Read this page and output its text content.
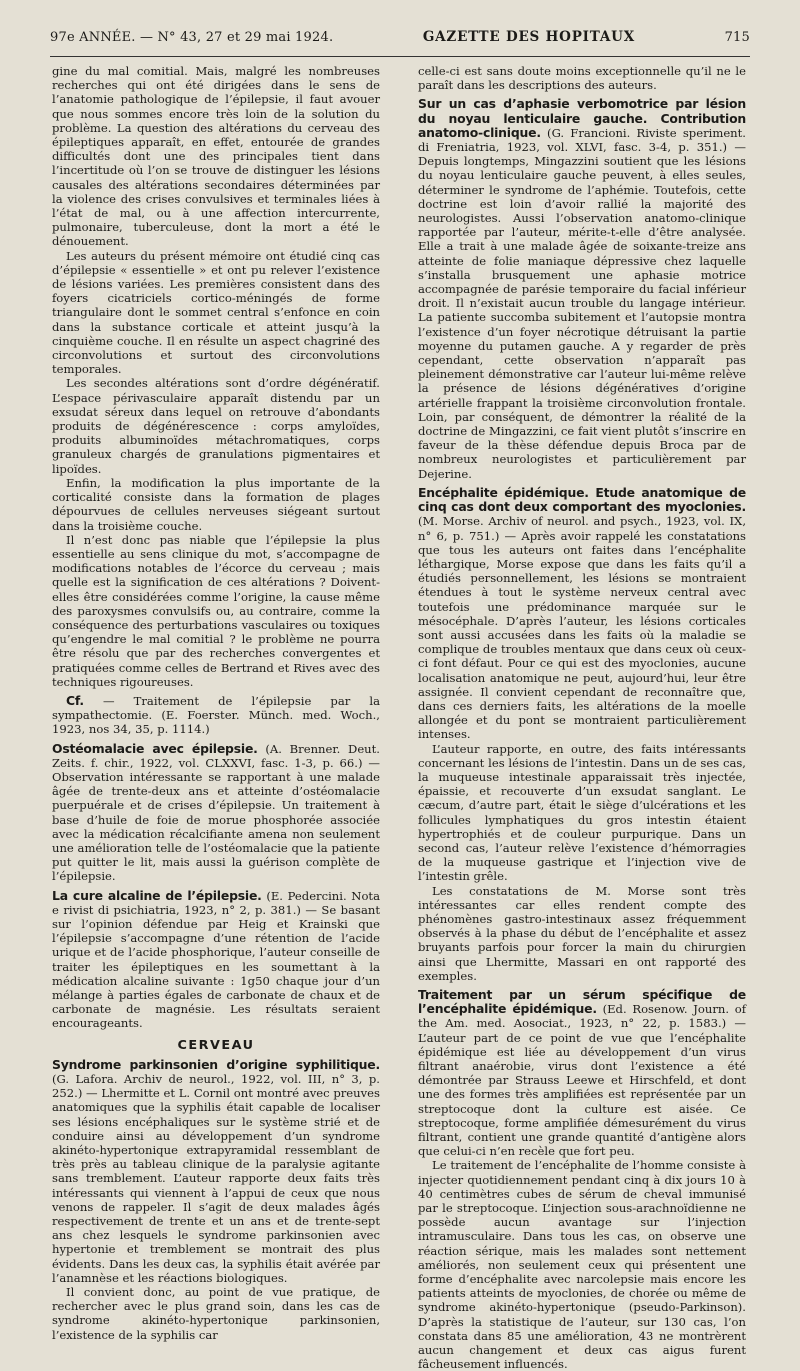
97e ANNÉE. — N° 43, 27 et 29 mai 1924.	GAZETTE DES HOPITAUX	715

gine du mal comitial. Mais, malgré les nombreuses recherches qui ont été dirigées dans le sens de l’anatomie pathologique de l’épilepsie, il faut avouer que nous sommes encore très loin de la solution du problème. La question des altérations du cerveau des épileptiques apparaît, en effet, entourée de grandes difficultés dont une des principales tient dans l’incertitude où l’on se trouve de distinguer les lésions causales des altérations secondaires déterminées par la violence des crises convulsives et terminales liées à l’état de mal, ou à une affection intercurrente, pulmonaire, tuberculeuse, dont la mort a été le dénouement.

Les auteurs du présent mémoire ont étudié cinq cas d’épilepsie « essentielle » et ont pu relever l’existence de lésions variées. Les premières consistent dans des foyers cicatriciels cortico-méningés de forme triangulaire dont le sommet central s’enfonce en coin dans la substance corticale et atteint jusqu’à la cinquième couche. Il en résulte un aspect chagriné des circonvolutions et surtout des circonvolutions temporales.

Les secondes altérations sont d’ordre dégénératif. L’espace périvasculaire apparaît distendu par un exsudat séreux dans lequel on retrouve d’abondants produits de dégénérescence : corps amyloïdes, produits albuminoïdes métachromatiques, corps granuleux chargés de granulations pigmentaires et lipoïdes.

Enfin, la modification la plus importante de la corticalité consiste dans la formation de plages dépourvues de cellules nerveuses siégeant surtout dans la troisième couche.

Il n’est donc pas niable que l’épilepsie la plus essentielle au sens clinique du mot, s’accompagne de modifications notables de l’écorce du cerveau ; mais quelle est la signification de ces altérations ? Doivent-elles être considérées comme l’origine, la cause même des paroxysmes convulsifs ou, au contraire, comme la conséquence des perturbations vasculaires ou toxiques qu’engendre le mal comitial ? le problème ne pourra être résolu que par des recherches convergentes et pratiquées comme celles de Bertrand et Rives avec des techniques rigoureuses.

Cf. — Traitement de l’épilepsie par la sympathectomie. (E. Foerster. Münch. med. Woch., 1923, nos 34, 35, p. 1114.)

Ostéomalacie avec épilepsie. (A. Brenner. Deut. Zeits. f. chir., 1922, vol. CLXXVI, fasc. 1-3, p. 66.) — Observation intéressante se rapportant à une malade âgée de trente-deux ans et atteinte d’ostéomalacie puerpuérale et de crises d’épilepsie. Un traitement à base d’huile de foie de morue phosphorée associée avec la médication récalcifiante amena non seulement une amélioration telle de l’ostéomalacie que la patiente put quitter le lit, mais aussi la guérison complète de l’épilepsie.

La cure alcaline de l’épilepsie. (E. Pedercini. Nota e rivist di psichiatria, 1923, n° 2, p. 381.) — Se basant sur l’opinion défendue par Heig et Krainski que l’épilepsie s’accompagne d’une rétention de l’acide urique et de l’acide phosphorique, l’auteur conseille de traiter les épileptiques en les soumettant à la médication alcaline suivante : 1g50 chaque jour d’un mélange à parties égales de carbonate de chaux et de carbonate de magnésie. Les résultats seraient encourageants.

CERVEAU

Syndrome parkinsonien d’origine syphilitique. (G. Lafora. Archiv de neurol., 1922, vol. III, n° 3, p. 252.) — Lhermitte et L. Cornil ont montré avec preuves anatomiques que la syphilis était capable de localiser ses lésions encéphaliques sur le système strié et de conduire ainsi au développement d’un syndrome akinéto-hypertonique extrapyramidal ressemblant de très près au tableau clinique de la paralysie agitante sans tremblement. L’auteur rapporte deux faits très intéressants qui viennent à l’appui de ceux que nous venons de rappeler. Il s’agit de deux malades âgés respectivement de trente et un ans et de trente-sept ans chez lesquels le syndrome parkinsonien avec hypertonie et tremblement se montrait des plus évidents. Dans les deux cas, la syphilis était avérée par l’anamnèse et les réactions biologiques.

Il convient donc, au point de vue pratique, de rechercher avec le plus grand soin, dans les cas de syndrome akinéto-hypertonique parkinsonien, l’existence de la syphilis car

celle-ci est sans doute moins exceptionnelle qu’il ne le paraît dans les descriptions des auteurs.

Sur un cas d’aphasie verbomotrice par lésion du noyau lenticulaire gauche. Contribution anatomo-clinique. (G. Francioni. Riviste speriment. di Freniatria, 1923, vol. XLVI, fasc. 3-4, p. 351.) — Depuis longtemps, Mingazzini soutient que les lésions du noyau lenticulaire gauche peuvent, à elles seules, déterminer le syndrome de l’aphémie. Toutefois, cette doctrine est loin d’avoir rallié la majorité des neurologistes. Aussi l’observation anatomo-clinique rapportée par l’auteur, mérite-t-elle d’être analysée. Elle a trait à une malade âgée de soixante-treize ans atteinte de folie maniaque dépressive chez laquelle s’installa brusquement une aphasie motrice accompagnée de parésie temporaire du facial inférieur droit. Il n’existait aucun trouble du langage intérieur. La patiente succomba subitement et l’autopsie montra l’existence d’un foyer nécrotique détruisant la partie moyenne du putamen gauche. A y regarder de près cependant, cette observation n’apparaît pas pleinement démonstrative car l’auteur lui-même relève la présence de lésions dégénératives d’origine artérielle frappant la troisième circonvolution frontale. Loin, par conséquent, de démontrer la réalité de la doctrine de Mingazzini, ce fait vient plutôt s’inscrire en faveur de la thèse défendue depuis Broca par de nombreux neurologistes et particulièrement par Dejerine.

Encéphalite épidémique. Etude anatomique de cinq cas dont deux comportant des myoclonies. (M. Morse. Archiv of neurol. and psych., 1923, vol. IX, n° 6, p. 751.) — Après avoir rappelé les constatations que tous les auteurs ont faites dans l’encéphalite léthargique, Morse expose que dans les faits qu’il a étudiés personnellement, les lésions se montraient étendues à tout le système nerveux central avec toutefois une prédominance marquée sur le mésocéphale. D’après l’auteur, les lésions corticales sont aussi accusées dans les faits où la maladie se complique de troubles mentaux que dans ceux où ceux-ci font défaut. Pour ce qui est des myoclonies, aucune localisation anatomique ne peut, aujourd’hui, leur être assignée. Il convient cependant de reconnaître que, dans ces derniers faits, les altérations de la moelle allongée et du pont se montraient particulièrement intenses.

L’auteur rapporte, en outre, des faits intéressants concernant les lésions de l’intestin. Dans un de ses cas, la muqueuse intestinale apparaissait très injectée, épaissie, et recouverte d’un exsudat sanglant. Le cæcum, d’autre part, était le siège d’ulcérations et les follicules lymphatiques du gros intestin étaient hypertrophiés et de couleur purpurique. Dans un second cas, l’auteur relève l’existence d’hémorragies de la muqueuse gastrique et l’injection vive de l’intestin grêle.

Les constatations de M. Morse sont très intéressantes car elles rendent compte des phénomènes gastro-intestinaux assez fréquemment observés à la phase du début de l’encéphalite et assez bruyants parfois pour forcer la main du chirurgien ainsi que Lhermitte, Massari en ont rapporté des exemples.

Traitement par un sérum spécifique de l’encéphalite épidémique. (Ed. Rosenow. Journ. of the Am. med. Aosociat., 1923, n° 22, p. 1583.) — L’auteur part de ce point de vue que l’encéphalite épidémique est liée au développement d’un virus filtrant anaérobie, virus dont l’existence a été démontrée par Strauss Leewe et Hirschfeld, et dont une des formes très amplifiées est représentée par un streptocoque dont la culture est aisée. Ce streptocoque, forme amplifiée démesurément du virus filtrant, contient une grande quantité d’antigène alors que celui-ci n’en recèle que fort peu.

Le traitement de l’encéphalite de l’homme consiste à injecter quotidiennement pendant cinq à dix jours 10 à 40 centimètres cubes de sérum de cheval immunisé par le streptocoque. L’injection sous-arachnoïdienne ne possède aucun avantage sur l’injection intramusculaire. Dans tous les cas, on observe une réaction sérique, mais les malades sont nettement améliorés, non seulement ceux qui présentent une forme d’encéphalite avec narcolepsie mais encore les patients atteints de myoclonies, de chorée ou même de syndrome akinéto-hypertonique (pseudo-Parkinson). D’après la statistique de l’auteur, sur 130 cas, l’on constata dans 85 une amélioration, 43 ne montrèrent aucun changement et deux cas aigus furent fâcheusement influencés.
